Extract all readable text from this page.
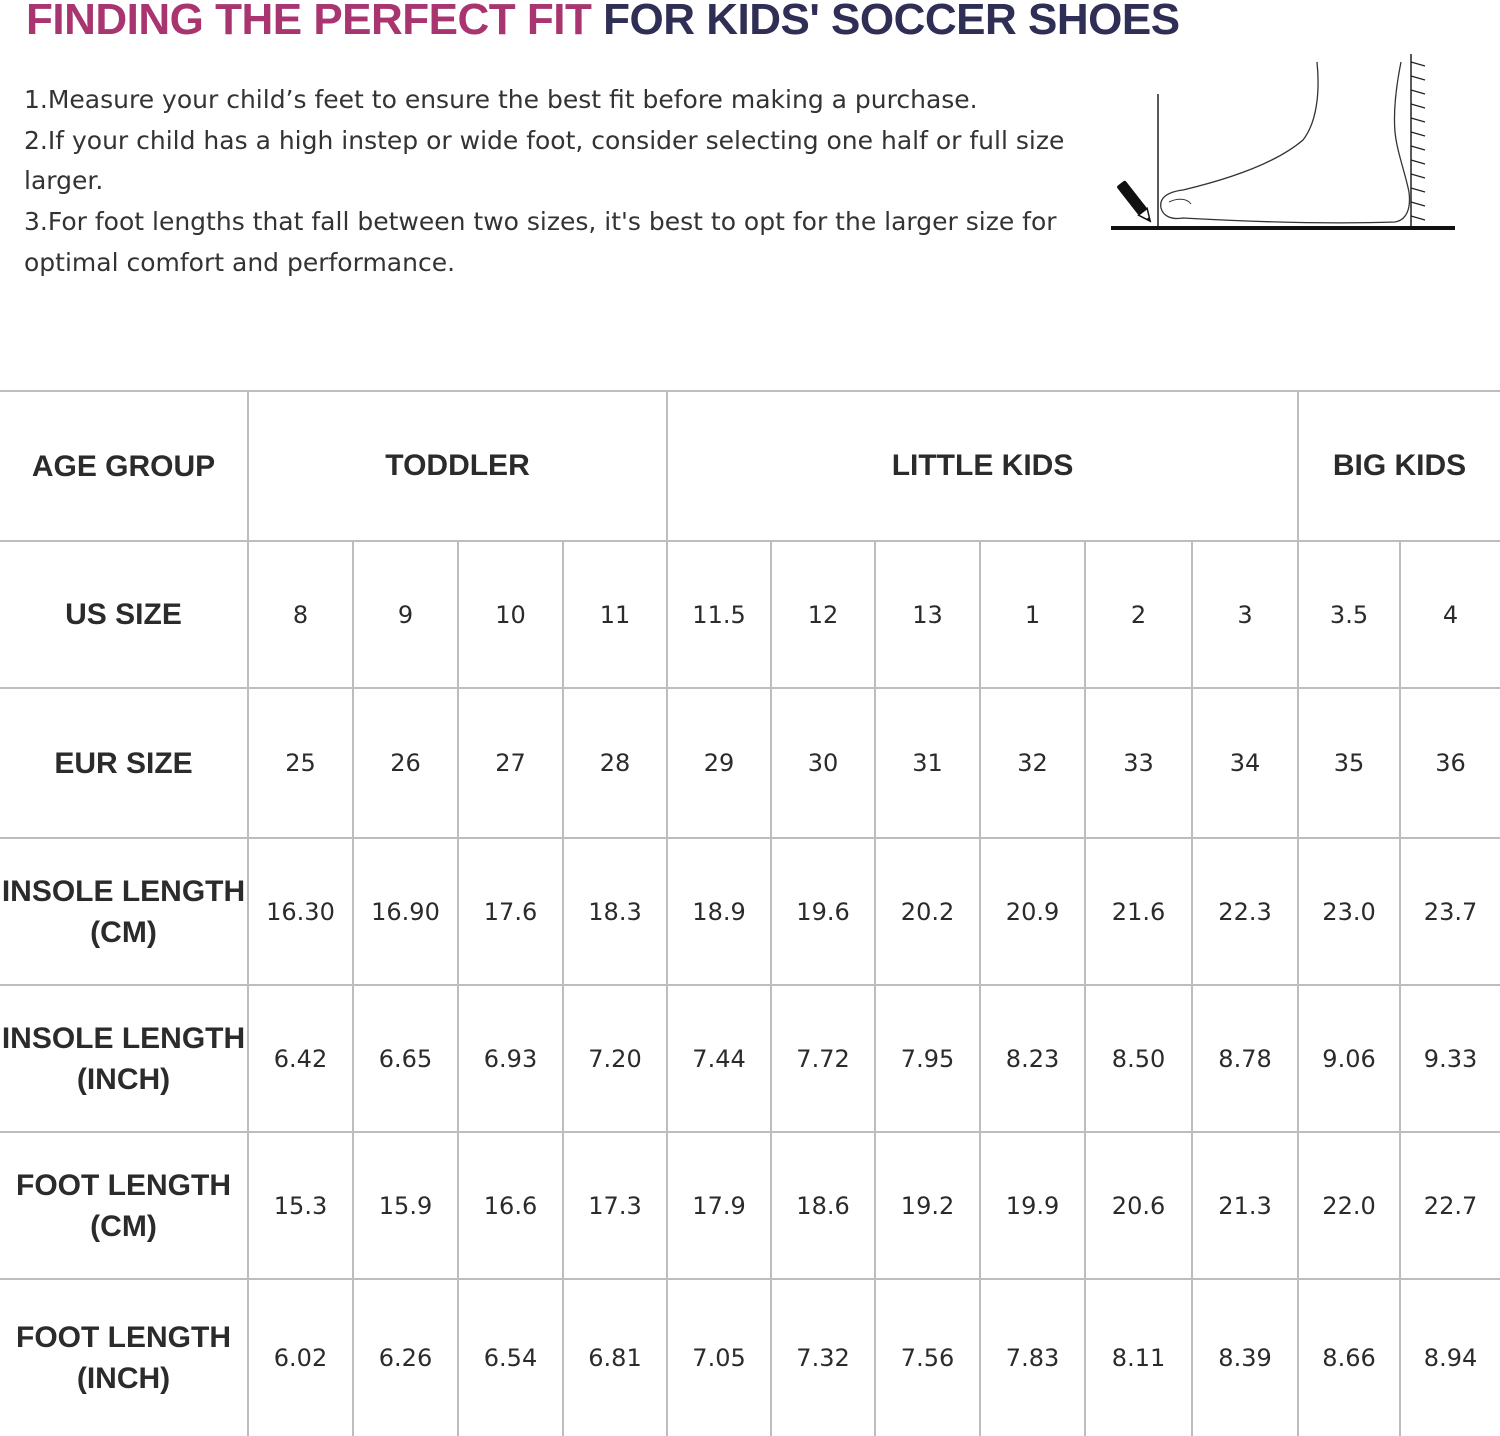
FINDING THE PERFECT FIT FOR KIDS' SOCCER SHOES

1.Measure your child’s feet to ensure the best fit before making a purchase.

2.If your child has a high instep or wide foot, consider selecting one half or full size larger.

3.For foot lengths that fall between two sizes, it's best to opt for the larger size for optimal comfort and performance.

AGE GROUP	TODDLER				LITTLE KIDS						BIG KIDS	

US SIZE	8	9	10	11	11.5	12	13	1	2	3	3.5	4

EUR SIZE	25	26	27	28	29	30	31	32	33	34	35	36

INSOLE LENGTH
(CM)	16.30	16.90	17.6	18.3	18.9	19.6	20.2	20.9	21.6	22.3	23.0	23.7

INSOLE LENGTH
(INCH)	6.42	6.65	6.93	7.20	7.44	7.72	7.95	8.23	8.50	8.78	9.06	9.33

FOOT LENGTH
(CM)	15.3	15.9	16.6	17.3	17.9	18.6	19.2	19.9	20.6	21.3	22.0	22.7

FOOT LENGTH
(INCH)	6.02	6.26	6.54	6.81	7.05	7.32	7.56	7.83	8.11	8.39	8.66	8.94
